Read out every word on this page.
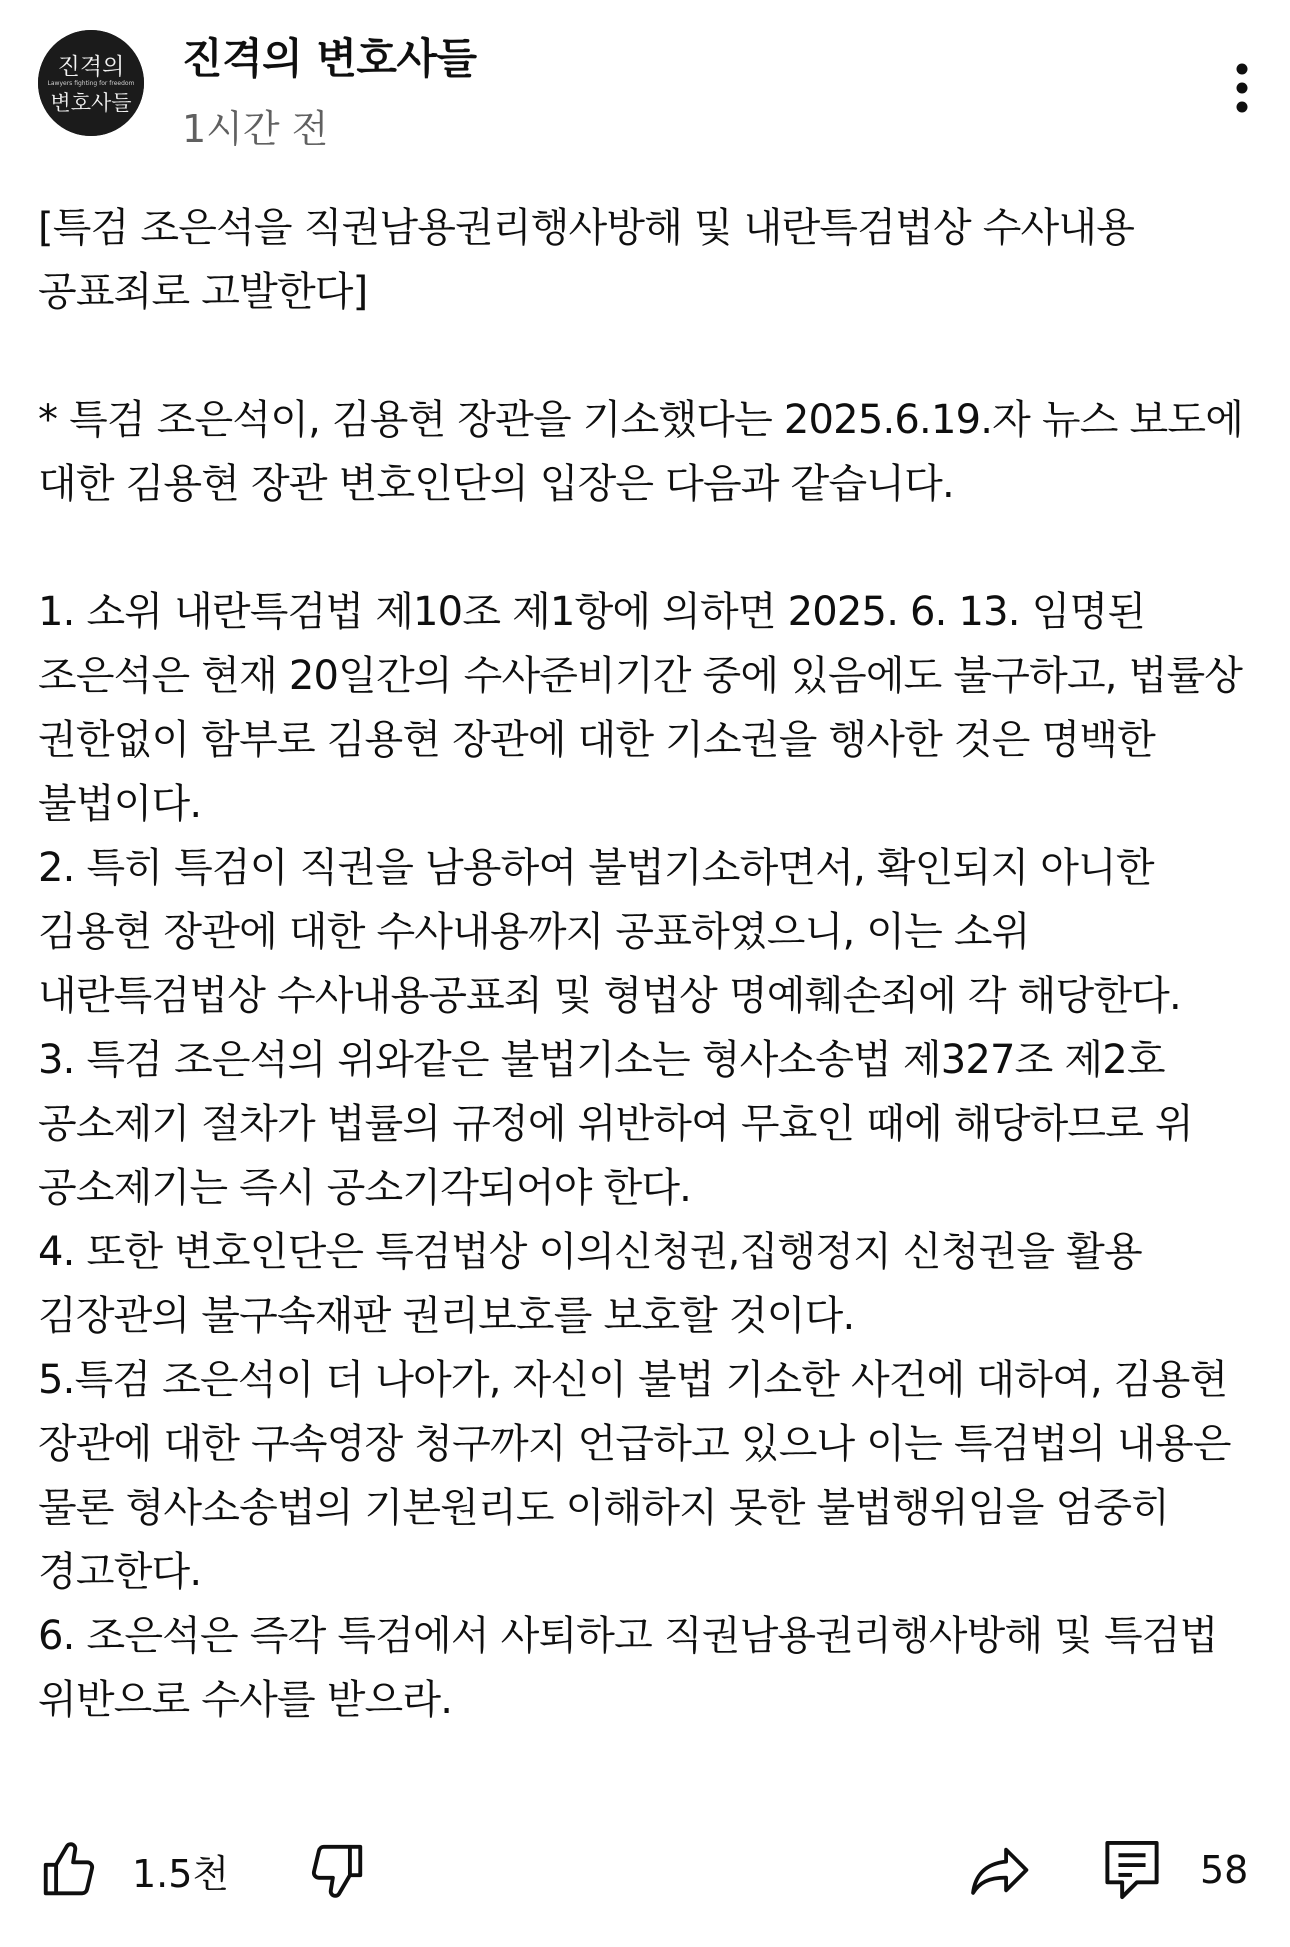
진격의
Lawyers fighting for freedom
변호사들
진격의 변호사들
1시간 전
[특검 조은석을 직권남용권리행사방해 및 내란특검법상 수사내용 공표죄로 고발한다]

* 특검 조은석이, 김용현 장관을 기소했다는 2025.6.19.자 뉴스 보도에 대한 김용현 장관 변호인단의 입장은 다음과 같습니다.

1. 소위 내란특검법 제10조 제1항에 의하면 2025. 6. 13. 임명된 조은석은 현재 20일간의 수사준비기간 중에 있음에도 불구하고, 법률상 권한없이 함부로 김용현 장관에 대한 기소권을 행사한 것은 명백한 불법이다.
2. 특히 특검이 직권을 남용하여 불법기소하면서, 확인되지 아니한 김용현 장관에 대한 수사내용까지 공표하였으니, 이는 소위 내란특검법상 수사내용공표죄 및 형법상 명예훼손죄에 각 해당한다.
3. 특검 조은석의 위와같은 불법기소는 형사소송법 제327조 제2호 공소제기 절차가 법률의 규정에 위반하여 무효인 때에 해당하므로 위 공소제기는 즉시 공소기각되어야 한다.
4. 또한 변호인단은 특검법상 이의신청권,집행정지 신청권을 활용 김장관의 불구속재판 권리보호를 보호할 것이다.
5.특검 조은석이 더 나아가, 자신이 불법 기소한 사건에 대하여, 김용현 장관에 대한 구속영장 청구까지 언급하고 있으나 이는 특검법의 내용은 물론 형사소송법의 기본원리도 이해하지 못한 불법행위임을 엄중히 경고한다.
6. 조은석은 즉각 특검에서 사퇴하고 직권남용권리행사방해 및 특검법 위반으로 수사를 받으라.
1.5천	58
